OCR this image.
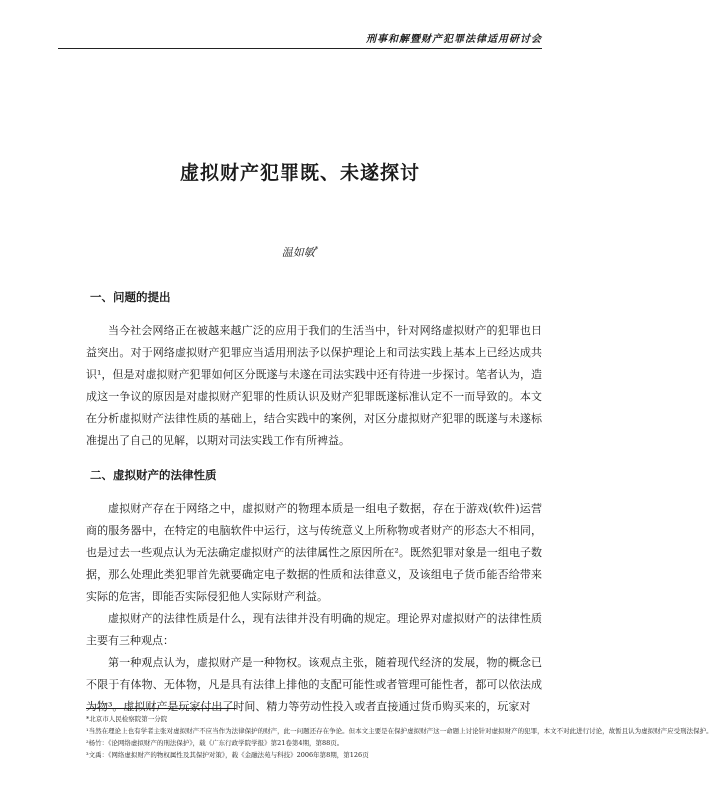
刑事和解暨财产犯罪法律适用研讨会
虚拟财产犯罪既、未遂探讨
温如敏*
一、问题的提出

当今社会网络正在被越来越广泛的应用于我们的生活当中，针对网络虚拟财产的犯罪也日益突出。对于网络虚拟财产犯罪应当适用刑法予以保护理论上和司法实践上基本上已经达成共识¹，但是对虚拟财产犯罪如何区分既遂与未遂在司法实践中还有待进一步探讨。笔者认为，造成这一争议的原因是对虚拟财产犯罪的性质认识及财产犯罪既遂标准认定不一而导致的。本文在分析虚拟财产法律性质的基础上，结合实践中的案例，对区分虚拟财产犯罪的既遂与未遂标准提出了自己的见解，以期对司法实践工作有所裨益。

二、虚拟财产的法律性质

虚拟财产存在于网络之中，虚拟财产的物理本质是一组电子数据，存在于游戏(软件)运营商的服务器中，在特定的电脑软件中运行，这与传统意义上所称物或者财产的形态大不相同，也是过去一些观点认为无法确定虚拟财产的法律属性之原因所在²。既然犯罪对象是一组电子数据，那么处理此类犯罪首先就要确定电子数据的性质和法律意义，及该组电子货币能否给带来实际的危害，即能否实际侵犯他人实际财产利益。

虚拟财产的法律性质是什么，现有法律并没有明确的规定。理论界对虚拟财产的法律性质主要有三种观点：

第一种观点认为，虚拟财产是一种物权。该观点主张，随着现代经济的发展，物的概念已不限于有体物、无体物，凡是具有法律上排他的支配可能性或者管理可能性者，都可以依法成为物³。虚拟财产是玩家付出了时间、精力等劳动性投入或者直接通过货币购买来的，玩家对

*北京市人民检察院第一分院

¹当然在理论上也有学者主张对虚拟财产不应当作为法律保护的财产，此一问题还存在争论。但本文主要是在保护虚拟财产这一命题上讨论针对虚拟财产的犯罪，本文不对此进行讨论，故暂且认为虚拟财产应受刑法保护。

²杨竹：《论网络虚拟财产的刑法保护》，载《广东行政学院学报》第21卷第4期，第88页。

³文禹：《网络虚拟财产的物权属性及其保护对策》，载《金融法苑与科技》2006年第8期，第126页
